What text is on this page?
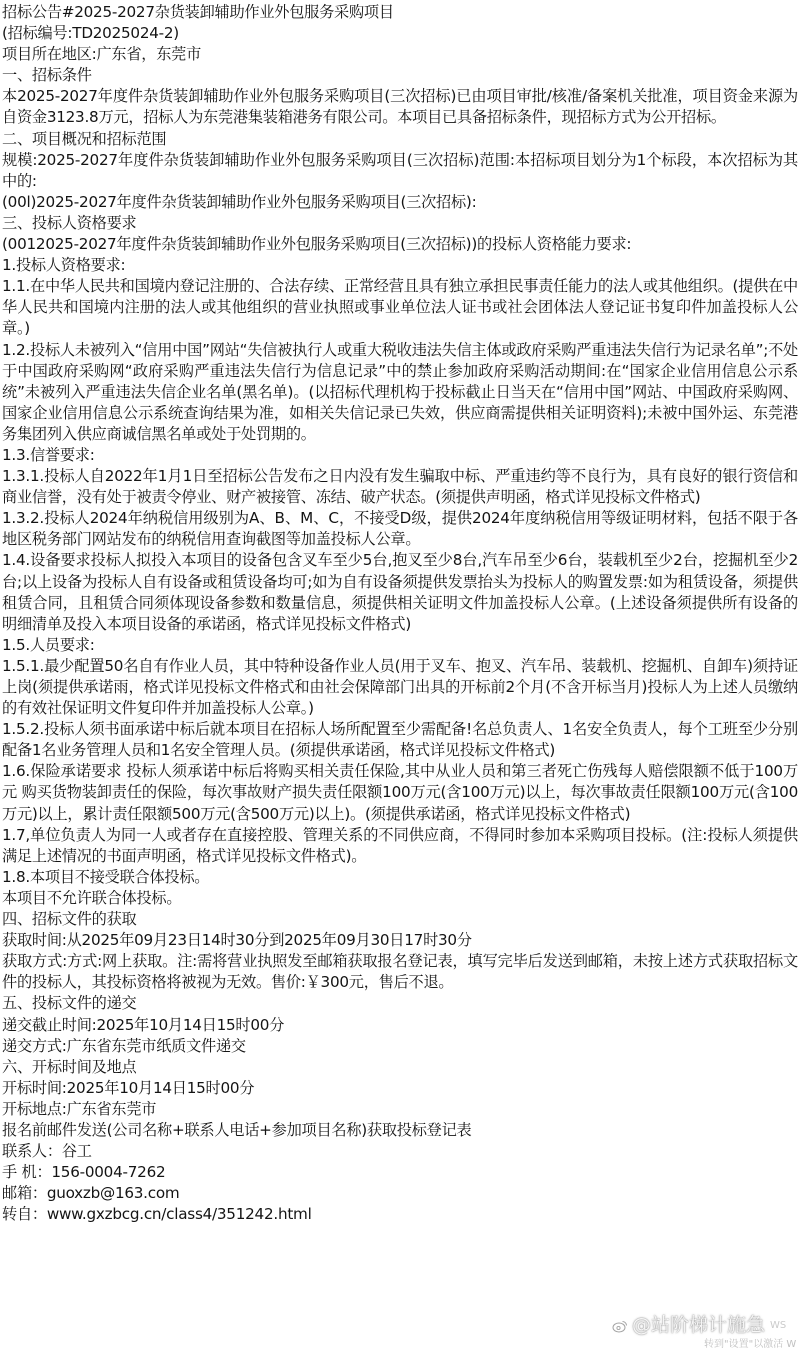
招标公告#2025-2027杂货装卸辅助作业外包服务采购项目

(招标编号:TD2025024-2)

项目所在地区:广东省，东莞市

一、招标条件

本2025-2027年度件杂货装卸辅助作业外包服务采购项目(三次招标)已由项目审批/核准/备案机关批准，项目资金来源为自资金3123.8万元，招标人为东莞港集装箱港务有限公司。本项目已具备招标条件，现招标方式为公开招标。

二、项目概况和招标范围

规模:2025-2027年度件杂货装卸辅助作业外包服务采购项目(三次招标)范围:本招标项目划分为1个标段，本次招标为其中的:

(00l)2025-2027年度件杂货装卸辅助作业外包服务采购项目(三次招标):

三、投标人资格要求

(0012025-2027年度件杂货装卸辅助作业外包服务采购项目(三次招标))的投标人资格能力要求:

1.投标人资格要求:

1.1.在中华人民共和国境内登记注册的、合法存续、正常经营且具有独立承担民事责任能力的法人或其他组织。(提供在中华人民共和国境内注册的法人或其他组织的营业执照或事业单位法人证书或社会团体法人登记证书复印件加盖投标人公章。)

1.2.投标人未被列入“信用中国”网站“失信被执行人或重大税收违法失信主体或政府采购严重违法失信行为记录名单”;不处于中国政府采购网“政府采购严重违法失信行为信息记录”中的禁止参加政府采购活动期间:在“国家企业信用信息公示系统”未被列入严重违法失信企业名单(黑名单)。(以招标代理机构于投标截止日当天在“信用中国”网站、中国政府采购网、国家企业信用信息公示系统查询结果为准，如相关失信记录已失效，供应商需提供相关证明资料);未被中国外运、东莞港务集团列入供应商诚信黑名单或处于处罚期的。

1.3.信誉要求:

1.3.1.投标人自2022年1月1日至招标公告发布之日内没有发生骗取中标、严重违约等不良行为，具有良好的银行资信和商业信誉，没有处于被责令停业、财产被接管、冻结、破产状态。(须提供声明函，格式详见投标文件格式)

1.3.2.投标人2024年纳税信用级别为A、B、M、C，不接受D级，提供2024年度纳税信用等级证明材料，包括不限于各地区税务部门网站发布的纳税信用查询截图等加盖投标人公章。

1.4.设备要求投标人拟投入本项目的设备包含叉车至少5台,抱叉至少8台,汽车吊至少6台，装载机至少2台，挖掘机至少2台;以上设备为投标人自有设备或租赁设备均可;如为自有设备须提供发票抬头为投标人的购置发票:如为租赁设备，须提供租赁合同，且租赁合同须体现设备参数和数量信息，须提供相关证明文件加盖投标人公章。(上述设备须提供所有设备的明细清单及投入本项目设备的承诺函，格式详见投标文件格式)

1.5.人员要求:

1.5.1.最少配置50名自有作业人员，其中特种设备作业人员(用于叉车、抱叉、汽车吊、装载机、挖掘机、自卸车)须持证上岗(须提供承诺雨，格式详见投标文件格式和由社会保障部门出具的开标前2个月(不含开标当月)投标人为上述人员缴纳的有效社保证明文件复印件并加盖投标人公章。)

1.5.2.投标人须书面承诺中标后就本项目在招标人场所配置至少需配备!名总负责人、1名安全负责人，每个工班至少分别配备1名业务管理人员和1名安全管理人员。(须提供承诺函，格式详见投标文件格式)

1.6.保险承诺要求 投标人须承诺中标后将购买相关责任保险,其中从业人员和第三者死亡伤残每人赔偿限额不低于100万元 购买货物装卸责任的保险，每次事故财产损失责任限额100万元(含100万元)以上，每次事故责任限额100万元(含100万元)以上，累计责任限额500万元(含500万元)以上)。(须提供承诺函，格式详见投标文件格式)

1.7,单位负责人为同一人或者存在直接控股、管理关系的不同供应商，不得同时参加本采购项目投标。(注:投标人须提供满足上述情况的书面声明函，格式详见投标文件格式)。

1.8.本项目不接受联合体投标。

本项目不允许联合体投标。

四、招标文件的获取

获取时间:从2025年09月23日14时30分到2025年09月30日17时30分

获取方式:方式:网上获取。注:需将营业执照发至邮箱获取报名登记表，填写完毕后发送到邮箱，未按上述方式获取招标文件的投标人，其投标资格将被视为无效。售价:￥300元，售后不退。

五、投标文件的递交

递交截止时间:2025年10月14日15时00分

递交方式:广东省东莞市纸质文件递交

六、开标时间及地点

开标时间:2025年10月14日15时00分

开标地点:广东省东莞市

报名前邮件发送(公司名称+联系人电话+参加项目名称)获取投标登记表

联系人：谷工

手 机：156-0004-7262

邮箱：guoxzb@163.com

转自：www.gxzbcg.cn/class4/351242.html

@站阶梯计施急 WS
转到"设置"以激活 W
